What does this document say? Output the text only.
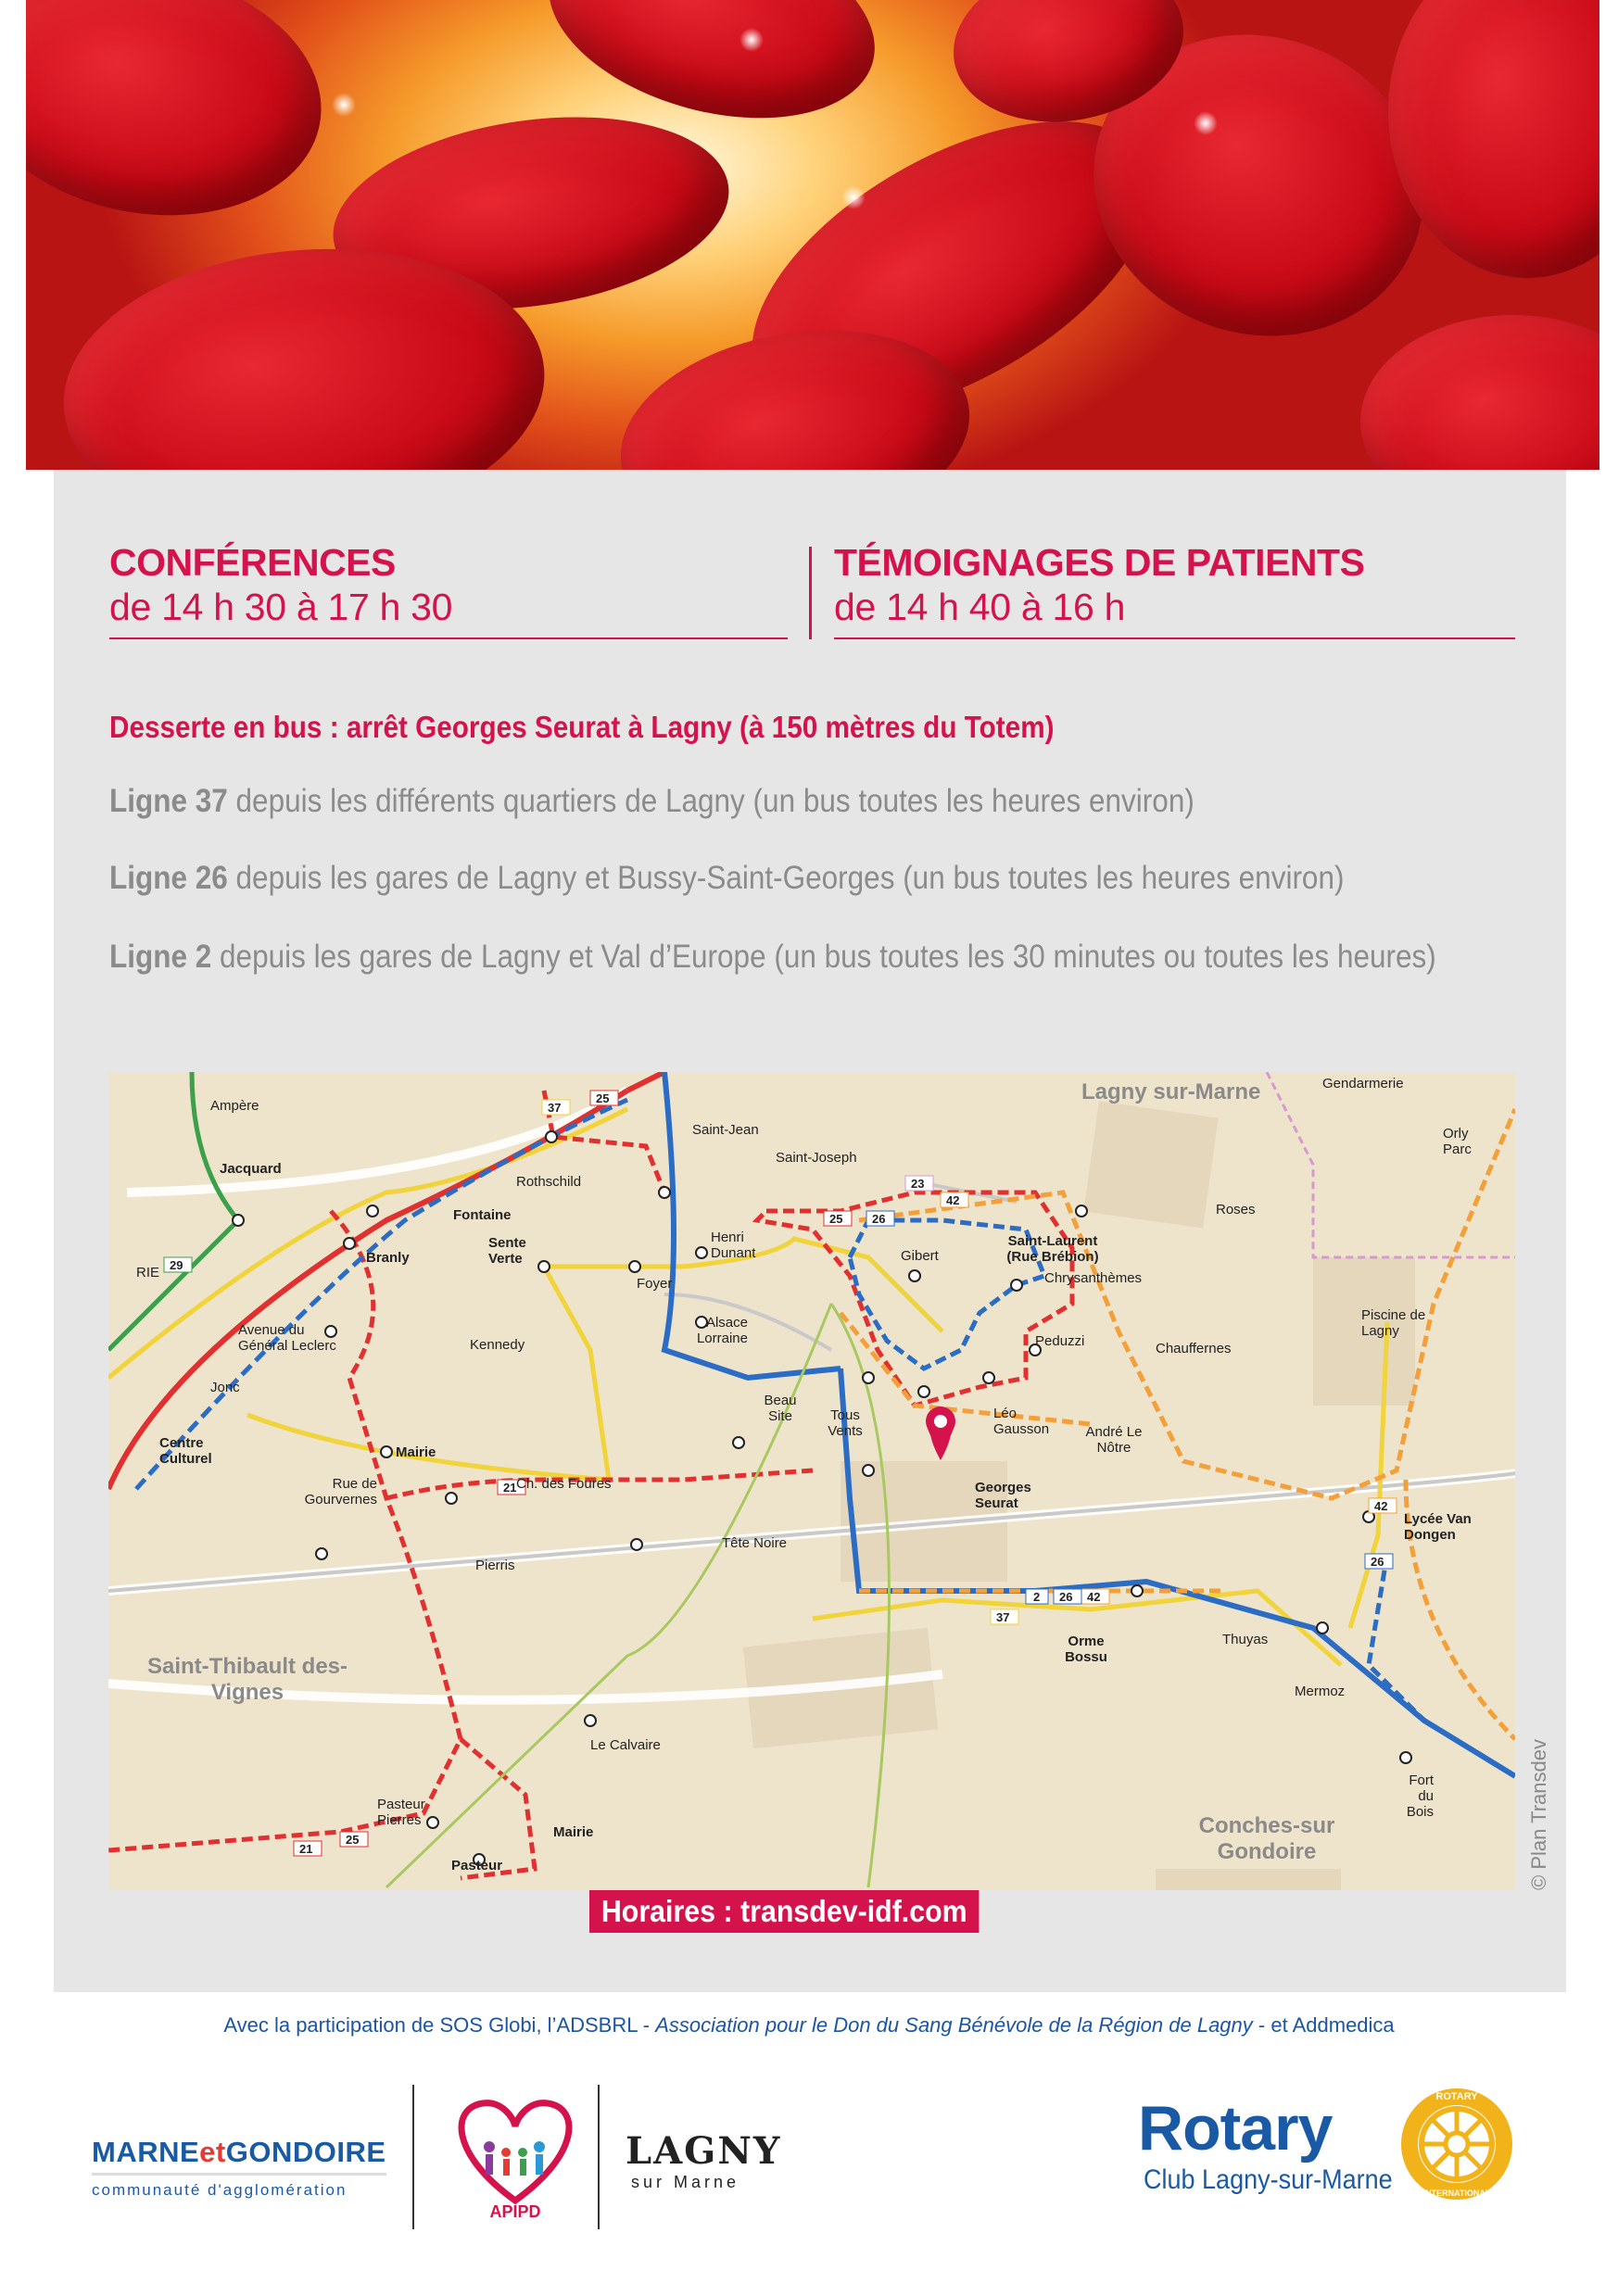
CONFÉRENCES
de 14 h 30 à 17 h 30
TÉMOIGNAGES DE PATIENTS
de 14 h 40 à 16 h
Desserte en bus : arrêt Georges Seurat à Lagny (à 150 mètres du Totem)
Ligne 37 depuis les différents quartiers de Lagny (un bus toutes les heures environ)
Ligne 26 depuis les gares de Lagny et Bussy-Saint-Georges (un bus toutes les heures environ)
Ligne 2 depuis les gares de Lagny et Val d’Europe (un bus toutes les 30 minutes ou toutes les heures)
25
37
25 26
42
23
42
26
37
2
21
29
42
26
25
21
Lagny sur-Marne
Saint-Thibault des-Vignes
Conches-sur Gondoire
Ampère
Jacquard
RIE
Avenue du Général Leclerc
Jonc
Centre Culturel
Branly
Fontaine
Rothschild
Saint-Jean
Saint-Joseph
Sente Verte
Foyer
Kennedy
Mairie
Rue de Gourvernes
Ch. des Foures
Henri Dunant
Alsace Lorraine
Beau Site	Tous Vents
Gibert
Saint-Laurent (Rue Brébion)
Chrysanthèmes
Roses
Peduzzi	Chauffernes
Léo Gausson	André Le Nôtre
Georges Seurat
Tête Noire
Pierris
Orme Bossu
Thuyas
Mermoz
Lycée Van Dongen
Piscine de Lagny
Orly Parc
Gendarmerie
Fort du Bois
Le Calvaire
Pasteur Pierres
Pasteur
Mairie
Horaires : transdev-idf.com
© Plan Transdev
Avec la participation de SOS Globi, l’ADSBRL - Association pour le Don du Sang Bénévole de la Région de Lagny - et Addmedica
MARNEetGONDOIRE
communauté d'agglomération
APIPD
LAGNY
sur Marne
Rotary
Club Lagny-sur-Marne
ROTARY
INTERNATIONAL
